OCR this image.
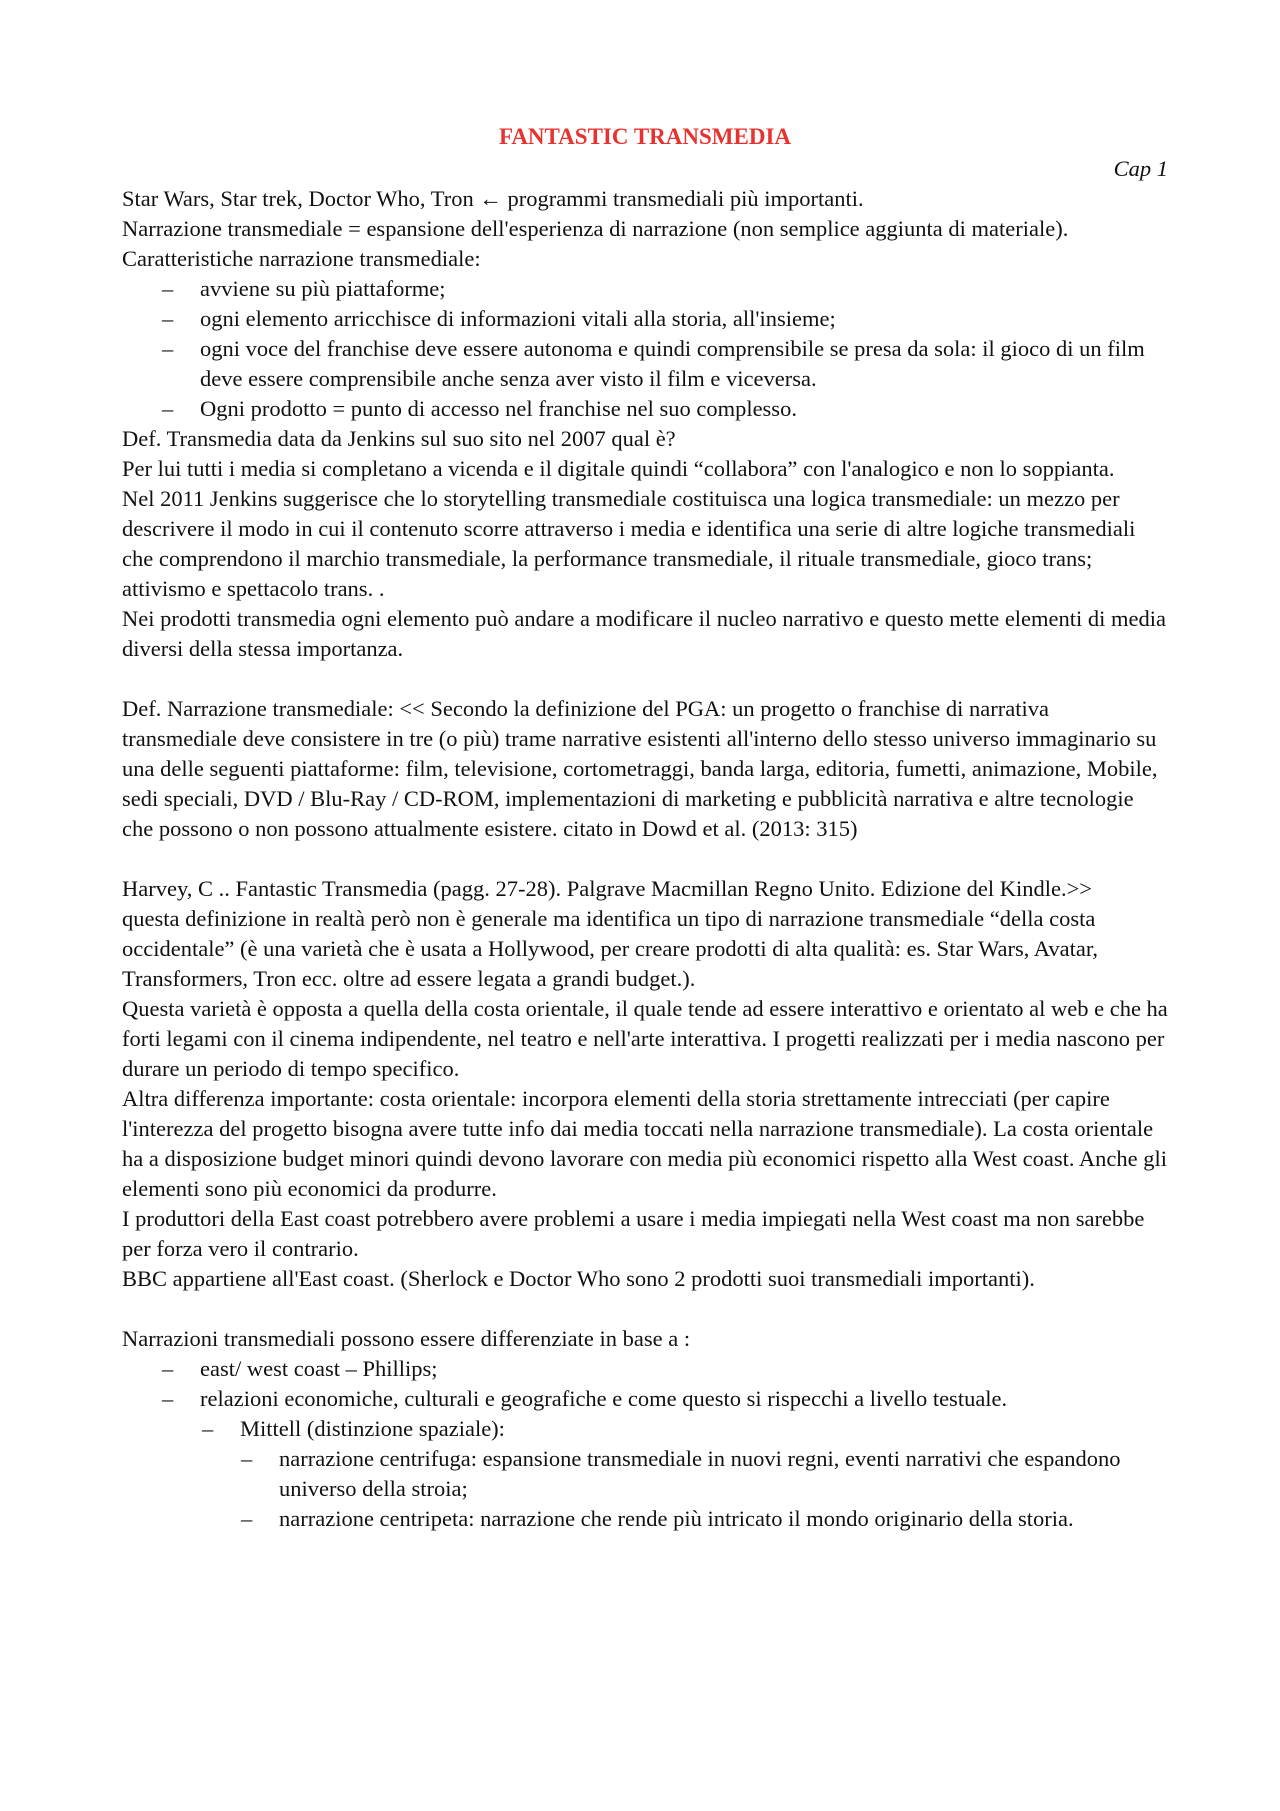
FANTASTIC TRANSMEDIA
Cap 1

Star Wars, Star trek, Doctor Who, Tron ← programmi transmediali più importanti.

Narrazione transmediale = espansione dell'esperienza di narrazione (non semplice aggiunta di materiale). Caratteristiche narrazione transmediale:

– avviene su più piattaforme;
– ogni elemento arricchisce di informazioni vitali alla storia, all'insieme;
– ogni voce del franchise deve essere autonoma e quindi comprensibile se presa da sola: il gioco di un film deve essere comprensibile anche senza aver visto il film e viceversa.
– Ogni prodotto = punto di accesso nel franchise nel suo complesso.

Def. Transmedia data da Jenkins sul suo sito nel 2007 qual è?

Per lui tutti i media si completano a vicenda e il digitale quindi “collabora” con l'analogico e non lo soppianta.

Nel 2011 Jenkins suggerisce che lo storytelling transmediale costituisca una logica transmediale: un mezzo per descrivere il modo in cui il contenuto scorre attraverso i media e identifica una serie di altre logiche transmediali che comprendono il marchio transmediale, la performance transmediale, il rituale transmediale, gioco trans; attivismo e spettacolo trans. .

Nei prodotti transmedia ogni elemento può andare a modificare il nucleo narrativo e questo mette elementi di media diversi della stessa importanza.

Def. Narrazione transmediale: << Secondo la definizione del PGA: un progetto o franchise di narrativa transmediale deve consistere in tre (o più) trame narrative esistenti all'interno dello stesso universo immaginario su una delle seguenti piattaforme: film, televisione, cortometraggi, banda larga, editoria, fumetti, animazione, Mobile, sedi speciali, DVD / Blu-Ray / CD-ROM, implementazioni di marketing e pubblicità narrativa e altre tecnologie che possono o non possono attualmente esistere. citato in Dowd et al. (2013: 315)

Harvey, C .. Fantastic Transmedia (pagg. 27-28). Palgrave Macmillan Regno Unito. Edizione del Kindle.>>

questa definizione in realtà però non è generale ma identifica un tipo di narrazione transmediale “della costa occidentale” (è una varietà che è usata a Hollywood, per creare prodotti di alta qualità: es. Star Wars, Avatar, Transformers, Tron ecc. oltre ad essere legata a grandi budget.).

Questa varietà è opposta a quella della costa orientale, il quale tende ad essere interattivo e orientato al web e che ha forti legami con il cinema indipendente, nel teatro e nell'arte interattiva. I progetti realizzati per i media nascono per durare un periodo di tempo specifico.

Altra differenza importante: costa orientale: incorpora elementi della storia strettamente intrecciati (per capire l'interezza del progetto bisogna avere tutte info dai media toccati nella narrazione transmediale). La costa orientale ha a disposizione budget minori quindi devono lavorare con media più economici rispetto alla West coast. Anche gli elementi sono più economici da produrre.

I produttori della East coast potrebbero avere problemi a usare i media impiegati nella West coast ma non sarebbe per forza vero il contrario.

BBC appartiene all'East coast. (Sherlock e Doctor Who sono 2 prodotti suoi transmediali importanti).

Narrazioni transmediali possono essere differenziate in base a :

– east/ west coast – Phillips;
– relazioni economiche, culturali e geografiche e come questo si rispecchi a livello testuale.
– Mittell (distinzione spaziale):
– narrazione centrifuga: espansione transmediale in nuovi regni, eventi narrativi che espandono universo della stroia;
– narrazione centripeta: narrazione che rende più intricato il mondo originario della storia.
